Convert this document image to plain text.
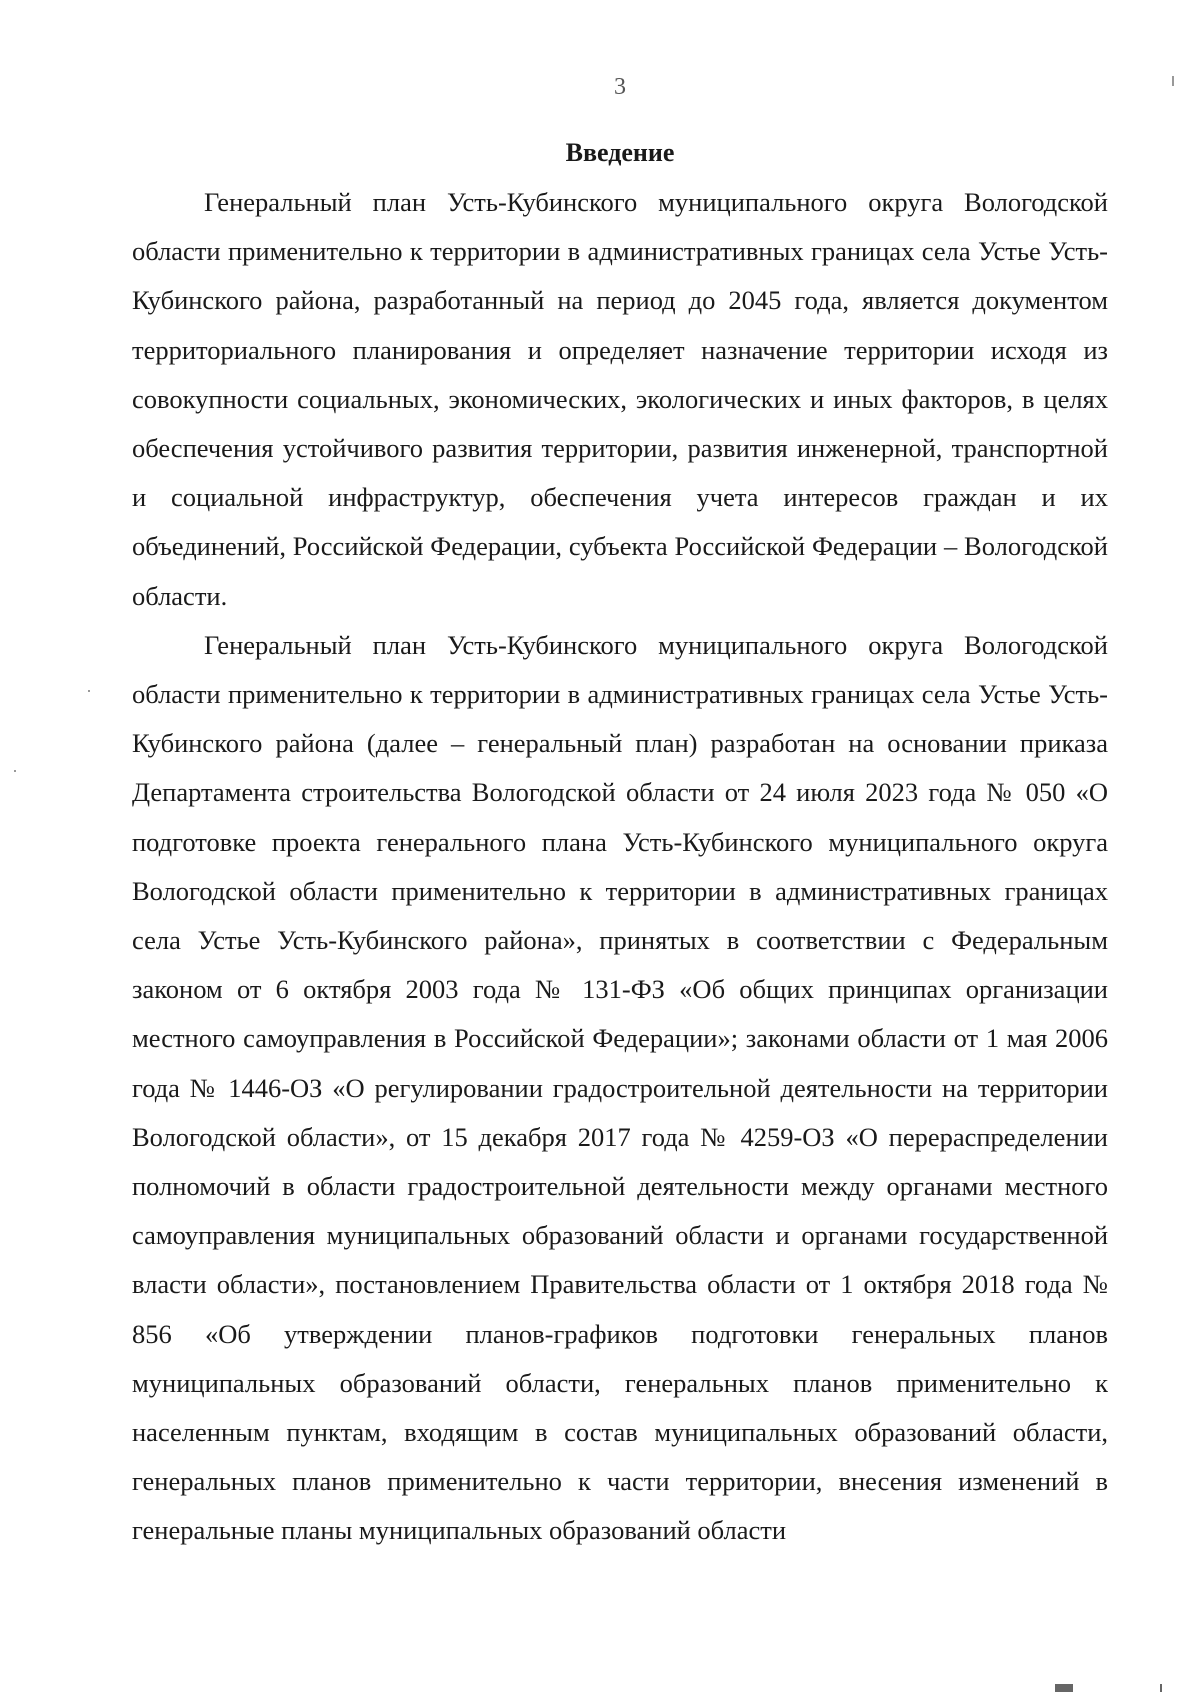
3
Введение

Генеральный план Усть-Кубинского муниципального округа Вологодской области применительно к территории в административных границах села Устье Усть-Кубинского района, разработанный на период до 2045 года, является документом территориального планирования и определяет назначение территории исходя из совокупности социальных, экономических, экологических и иных факторов, в целях обеспечения устойчивого развития территории, развития инженерной, транспортной и социальной инфраструктур, обеспечения учета интересов граждан и их объединений, Российской Федерации, субъекта Российской Федерации – Вологодской области.

Генеральный план Усть-Кубинского муниципального округа Вологодской области применительно к территории в административных границах села Устье Усть-Кубинского района (далее – генеральный план) разработан на основании приказа Департамента строительства Вологодской области от 24 июля 2023 года № 050 «О подготовке проекта генерального плана Усть-Кубинского муниципального округа Вологодской области применительно к территории в административных границах села Устье Усть-Кубинского района», принятых в соответствии с Федеральным законом от 6 октября 2003 года № 131-ФЗ «Об общих принципах организации местного самоуправления в Российской Федерации»; законами области от 1 мая 2006 года № 1446-ОЗ «О регулировании градостроительной деятельности на территории Вологодской области», от 15 декабря 2017 года № 4259-ОЗ «О перераспределении полномочий в области градостроительной деятельности между органами местного самоуправления муниципальных образований области и органами государственной власти области», постановлением Правительства области от 1 октября 2018 года № 856 «Об утверждении планов-графиков подготовки генеральных планов муниципальных образований области, генеральных планов применительно к населенным пунктам, входящим в состав муниципальных образований области, генеральных планов применительно к части территории, внесения изменений в генеральные планы муниципальных образований области
